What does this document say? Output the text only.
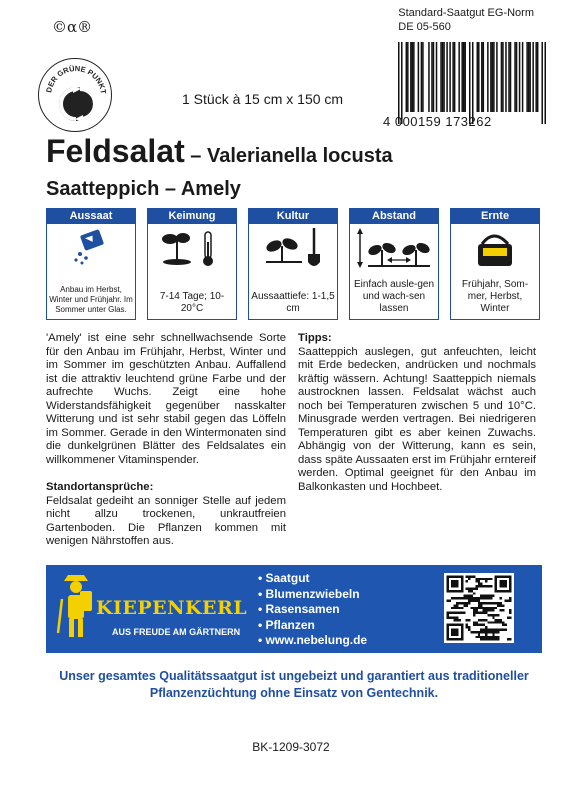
Standard-Saatgut EG-Norm
DE 05-560
©α®
DER GRÜNE PUNKT	1 Stück à 15 cm x 150 cm
4 000159 173262
Feldsalat – Valerianella locusta
Saatteppich – Amely
Aussaat
Anbau im Herbst, Winter und Frühjahr. Im Sommer unter Glas.
Keimung
7-14 Tage; 10-20°C
Kultur
Aussaattiefe: 1-1,5 cm
Abstand
Einfach ausle-gen und wach-sen lassen
Ernte
Frühjahr, Som-mer, Herbst, Winter

'Amely' ist eine sehr schnellwachsende Sorte für den Anbau im Frühjahr, Herbst, Winter und im Sommer im geschützten Anbau. Auffallend ist die attraktiv leuchtend grüne Farbe und der aufrechte Wuchs. Zeigt eine hohe Widerstandsfähigkeit gegenüber nasskalter Witterung und ist sehr stabil gegen das Löffeln im Sommer. Gerade in den Wintermonaten sind die dunkelgrünen Blätter des Feldsalates ein willkommener Vitaminspender.

Standortansprüche:
Feldsalat gedeiht an sonniger Stelle auf jedem nicht allzu trockenen, unkrautfreien Gartenboden. Die Pflanzen kommen mit wenigen Nährstoffen aus.
Tipps:
Saatteppich auslegen, gut anfeuchten, leicht mit Erde bedecken, andrücken und nochmals kräftig wässern. Achtung! Saatteppich niemals austrocknen lassen. Feldsalat wächst auch noch bei Temperaturen zwischen 5 und 10°C. Minusgrade werden vertragen. Bei niedrigeren Temperaturen gibt es aber keinen Zuwachs. Abhängig von der Witterung, kann es sein, dass späte Aussaaten erst im Frühjahr erntereif werden. Optimal geeignet für den Anbau im Balkonkasten und Hochbeet.
KIEPENKERL
AUS FREUDE AM GÄRTNERN
• Saatgut
• Blumenzwiebeln
• Rasensamen
• Pflanzen
• www.nebelung.de
Unser gesamtes Qualitätssaatgut ist ungebeizt und garantiert aus traditioneller Pflanzenzüchtung ohne Einsatz von Gentechnik.
BK-1209-3072
